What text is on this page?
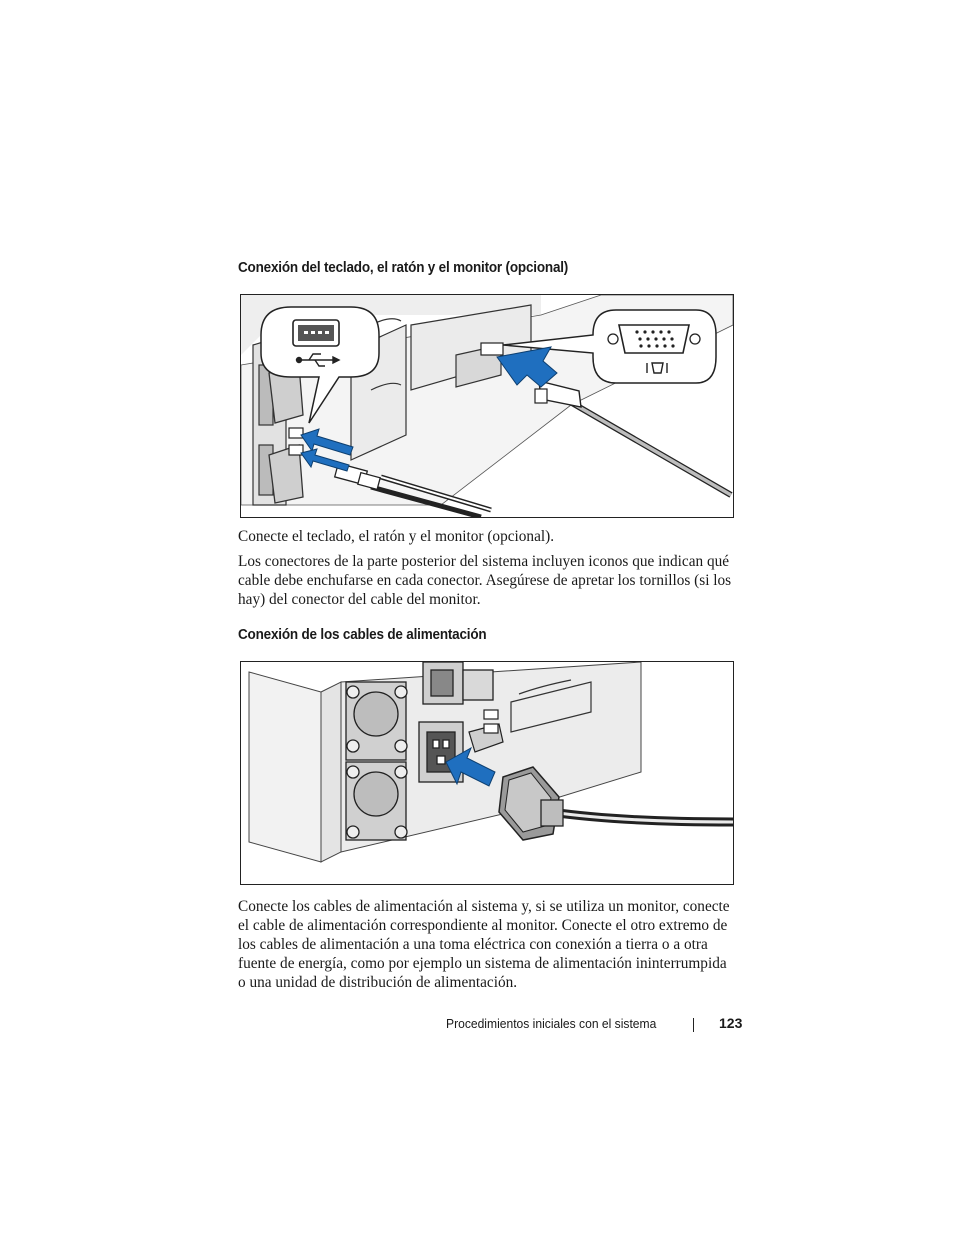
Conexión del teclado, el ratón y el monitor (opcional)

Conecte el teclado, el ratón y el monitor (opcional).

Los conectores de la parte posterior del sistema incluyen iconos que indican qué cable debe enchufarse en cada conector. Asegúrese de apretar los tornillos (si los hay) del conector del cable del monitor.

Conexión de los cables de alimentación

Conecte los cables de alimentación al sistema y, si se utiliza un monitor, conecte el cable de alimentación correspondiente al monitor. Conecte el otro extremo de los cables de alimentación a una toma eléctrica con conexión a tierra o a otra fuente de energía, como por ejemplo un sistema de alimentación ininterrumpida o una unidad de distribución de alimentación.

Procedimientos iniciales con el sistema	123
